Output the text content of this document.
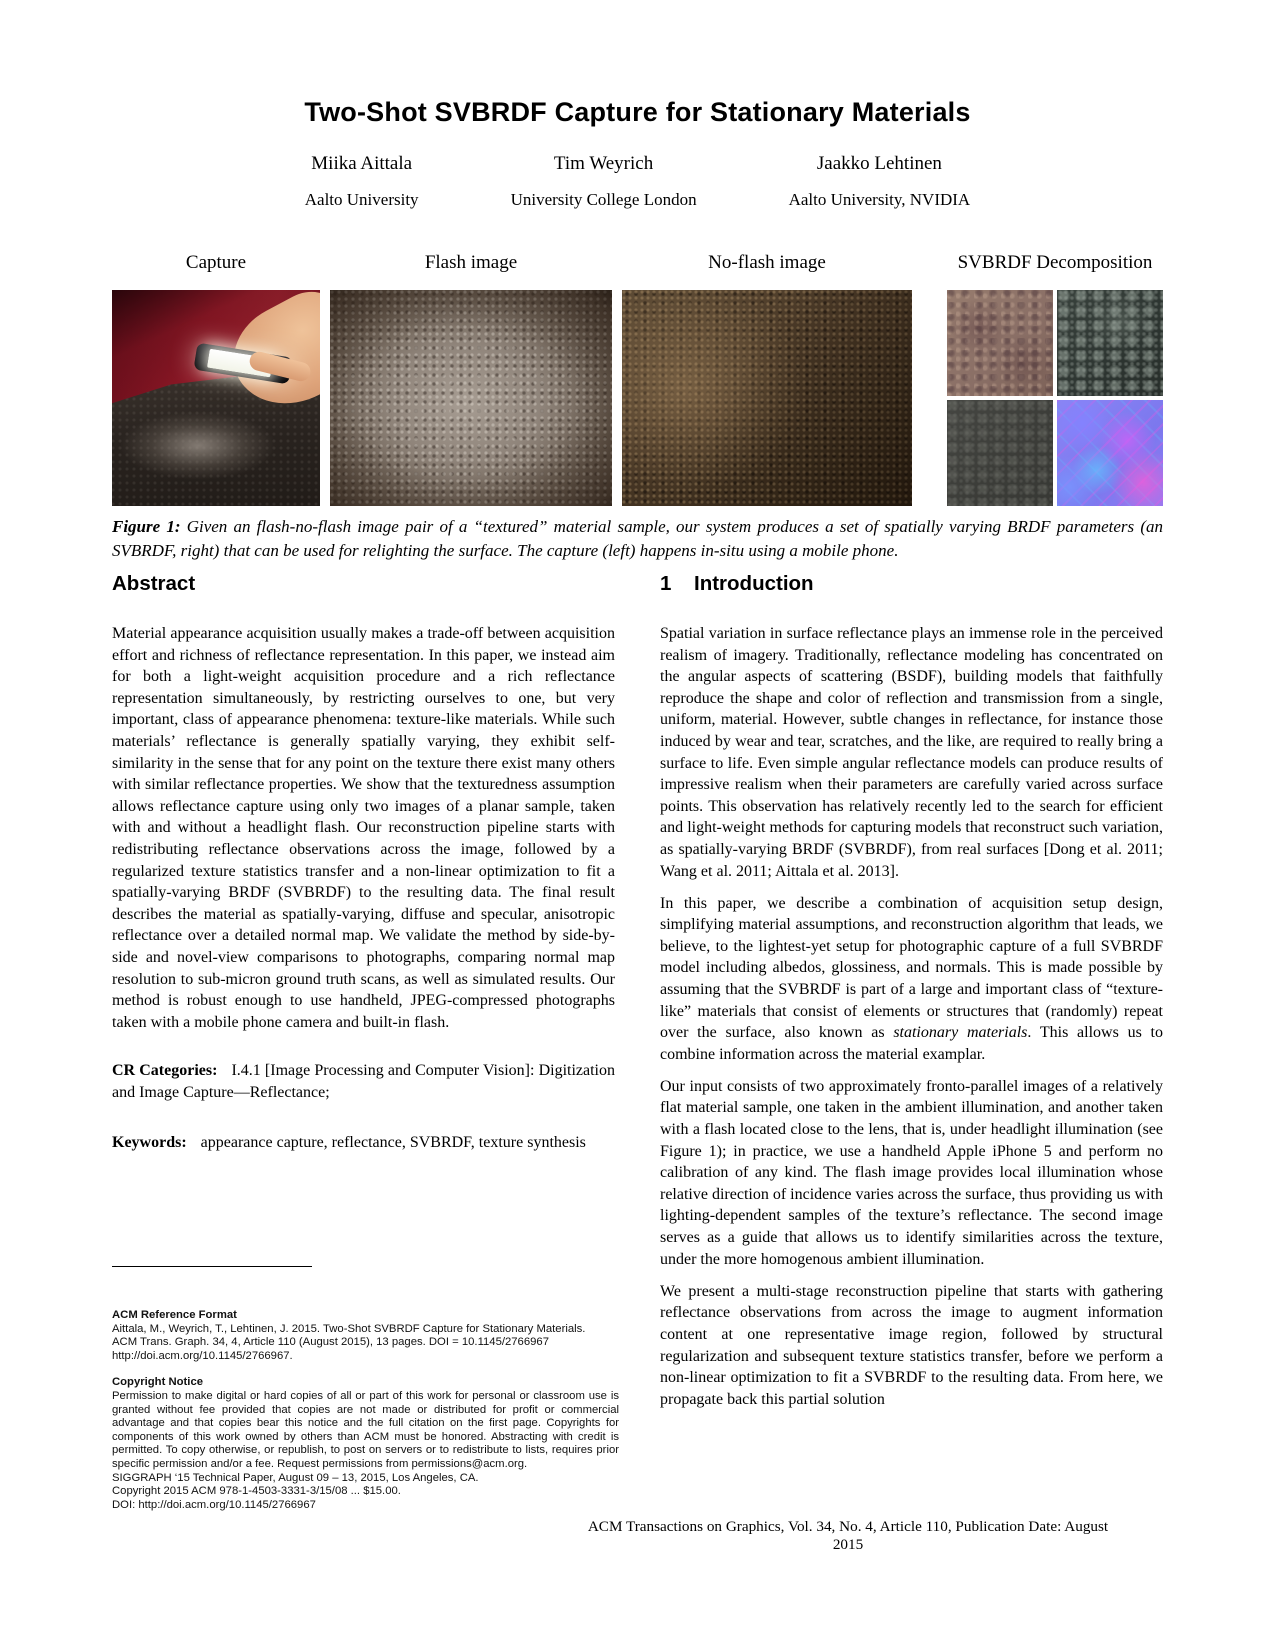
Two-Shot SVBRDF Capture for Stationary Materials
Miika Aittala
Aalto University
Tim Weyrich
University College London
Jaakko Lehtinen
Aalto University, NVIDIA
Capture	Flash image	No-flash image	SVBRDF Decomposition

Figure 1: Given an flash-no-flash image pair of a “textured” material sample, our system produces a set of spatially varying BRDF parameters (an SVBRDF, right) that can be used for relighting the surface. The capture (left) happens in-situ using a mobile phone.

Abstract

Material appearance acquisition usually makes a trade-off between acquisition effort and richness of reflectance representation. In this paper, we instead aim for both a light-weight acquisition procedure and a rich reflectance representation simultaneously, by restricting ourselves to one, but very important, class of appearance phenomena: texture-like materials. While such materials’ reflectance is generally spatially varying, they exhibit self-similarity in the sense that for any point on the texture there exist many others with similar reflectance properties. We show that the texturedness assumption allows reflectance capture using only two images of a planar sample, taken with and without a headlight flash. Our reconstruction pipeline starts with redistributing reflectance observations across the image, followed by a regularized texture statistics transfer and a non-linear optimization to fit a spatially-varying BRDF (SVBRDF) to the resulting data. The final result describes the material as spatially-varying, diffuse and specular, anisotropic reflectance over a detailed normal map. We validate the method by side-by-side and novel-view comparisons to photographs, comparing normal map resolution to sub-micron ground truth scans, as well as simulated results. Our method is robust enough to use handheld, JPEG-compressed photographs taken with a mobile phone camera and built-in flash.

CR Categories: I.4.1 [Image Processing and Computer Vision]: Digitization and Image Capture—Reflectance;

Keywords: appearance capture, reflectance, SVBRDF, texture synthesis

1 Introduction

Spatial variation in surface reflectance plays an immense role in the perceived realism of imagery. Traditionally, reflectance modeling has concentrated on the angular aspects of scattering (BSDF), building models that faithfully reproduce the shape and color of reflection and transmission from a single, uniform, material. However, subtle changes in reflectance, for instance those induced by wear and tear, scratches, and the like, are required to really bring a surface to life. Even simple angular reflectance models can produce results of impressive realism when their parameters are carefully varied across surface points. This observation has relatively recently led to the search for efficient and light-weight methods for capturing models that reconstruct such variation, as spatially-varying BRDF (SVBRDF), from real surfaces [Dong et al. 2011; Wang et al. 2011; Aittala et al. 2013].

In this paper, we describe a combination of acquisition setup design, simplifying material assumptions, and reconstruction algorithm that leads, we believe, to the lightest-yet setup for photographic capture of a full SVBRDF model including albedos, glossiness, and normals. This is made possible by assuming that the SVBRDF is part of a large and important class of “texture-like” materials that consist of elements or structures that (randomly) repeat over the surface, also known as stationary materials. This allows us to combine information across the material examplar.

Our input consists of two approximately fronto-parallel images of a relatively flat material sample, one taken in the ambient illumination, and another taken with a flash located close to the lens, that is, under headlight illumination (see Figure 1); in practice, we use a handheld Apple iPhone 5 and perform no calibration of any kind. The flash image provides local illumination whose relative direction of incidence varies across the surface, thus providing us with lighting-dependent samples of the texture’s reflectance. The second image serves as a guide that allows us to identify similarities across the texture, under the more homogenous ambient illumination.

We present a multi-stage reconstruction pipeline that starts with gathering reflectance observations from across the image to augment information content at one representative image region, followed by structural regularization and subsequent texture statistics transfer, before we perform a non-linear optimization to fit a SVBRDF to the resulting data. From here, we propagate back this partial solution

ACM Reference Format
Aittala, M., Weyrich, T., Lehtinen, J. 2015. Two-Shot SVBRDF Capture for Stationary Materials.
ACM Trans. Graph. 34, 4, Article 110 (August 2015), 13 pages. DOI = 10.1145/2766967
http://doi.acm.org/10.1145/2766967.
Copyright Notice
Permission to make digital or hard copies of all or part of this work for personal or classroom use is granted without fee provided that copies are not made or distributed for profit or commercial advantage and that copies bear this notice and the full citation on the first page. Copyrights for components of this work owned by others than ACM must be honored. Abstracting with credit is permitted. To copy otherwise, or republish, to post on servers or to redistribute to lists, requires prior specific permission and/or a fee. Request permissions from permissions@acm.org.
SIGGRAPH ‘15 Technical Paper, August 09 – 13, 2015, Los Angeles, CA.
Copyright 2015 ACM 978-1-4503-3331-3/15/08 ... $15.00.
DOI: http://doi.acm.org/10.1145/2766967
ACM Transactions on Graphics, Vol. 34, No. 4, Article 110, Publication Date: August 2015
